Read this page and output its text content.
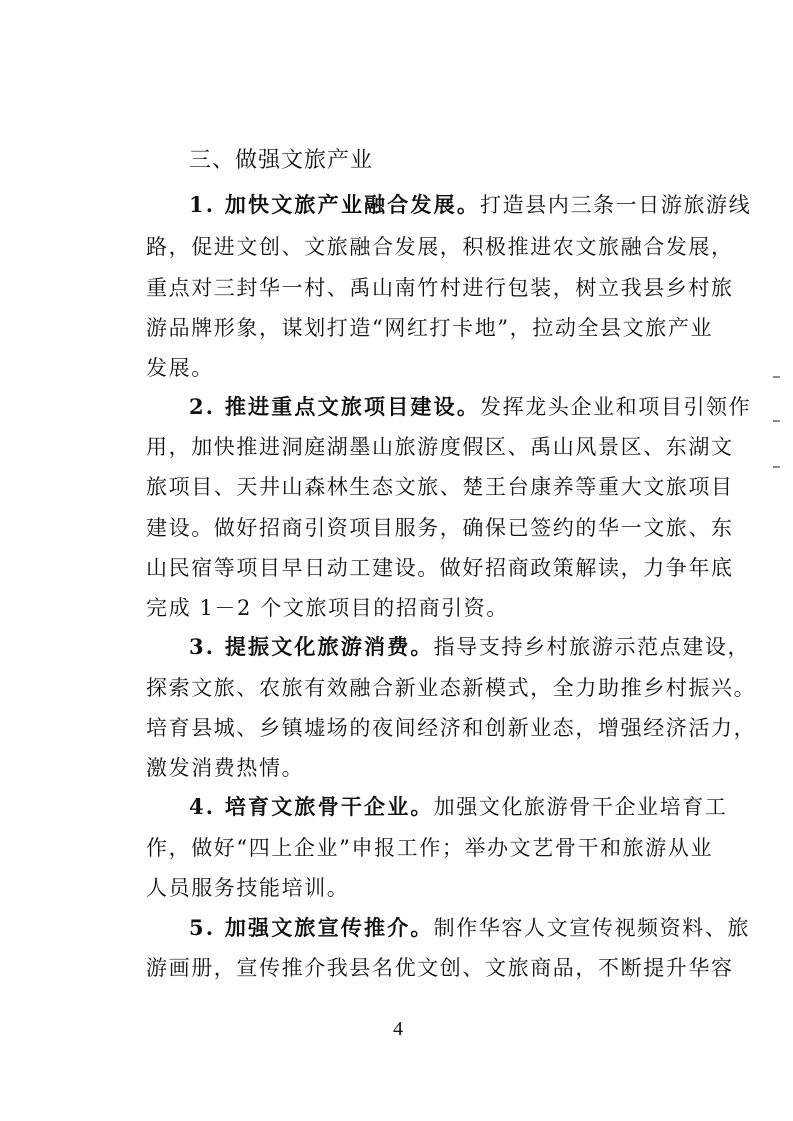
三、做强文旅产业
1. 加快文旅产业融合发展。打造县内三条一日游旅游线
路，促进文创、文旅融合发展，积极推进农文旅融合发展，
重点对三封华一村、禹山南竹村进行包装，树立我县乡村旅
游品牌形象，谋划打造“网红打卡地”，拉动全县文旅产业
发展。
2. 推进重点文旅项目建设。发挥龙头企业和项目引领作
用，加快推进洞庭湖墨山旅游度假区、禹山风景区、东湖文
旅项目、天井山森林生态文旅、楚王台康养等重大文旅项目
建设。做好招商引资项目服务，确保已签约的华一文旅、东
山民宿等项目早日动工建设。做好招商政策解读，力争年底
完成 1－2 个文旅项目的招商引资。
3. 提振文化旅游消费。指导支持乡村旅游示范点建设，
探索文旅、农旅有效融合新业态新模式，全力助推乡村振兴。
培育县城、乡镇墟场的夜间经济和创新业态，增强经济活力，
激发消费热情。
4. 培育文旅骨干企业。加强文化旅游骨干企业培育工
作，做好“四上企业”申报工作；举办文艺骨干和旅游从业
人员服务技能培训。
5. 加强文旅宣传推介。制作华容人文宣传视频资料、旅
游画册，宣传推介我县名优文创、文旅商品，不断提升华容
4
